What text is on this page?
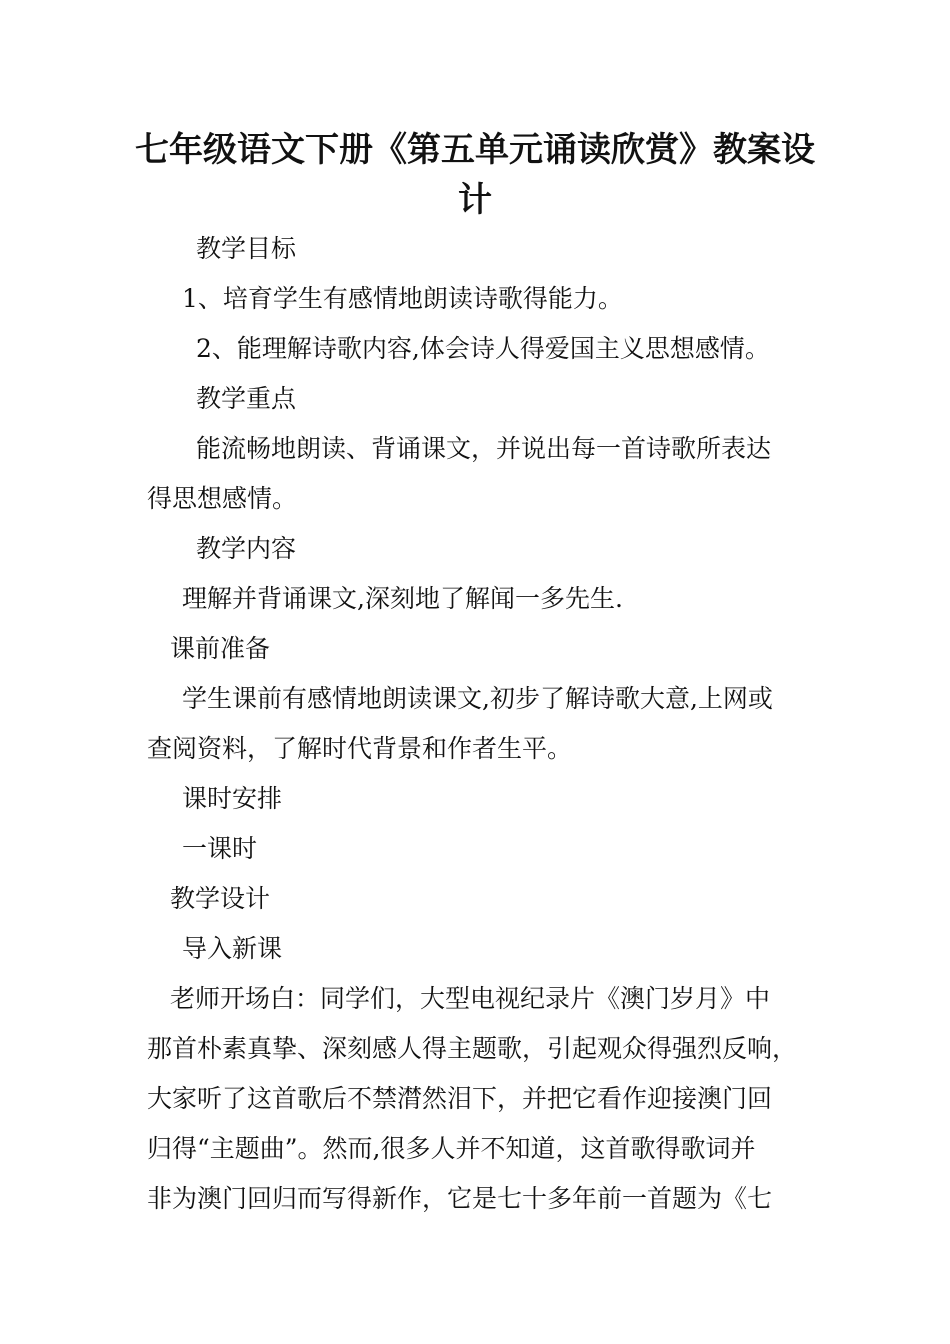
七年级语文下册《第五单元诵读欣赏》教案设
计
教学目标
1、培育学生有感情地朗读诗歌得能力。
2、能理解诗歌内容,体会诗人得爱国主义思想感情。
教学重点
能流畅地朗读、背诵课文，并说出每一首诗歌所表达
得思想感情。
教学内容
理解并背诵课文,深刻地了解闻一多先生.
课前准备
学生课前有感情地朗读课文,初步了解诗歌大意,上网或
查阅资料，了解时代背景和作者生平。
课时安排
一课时
教学设计
导入新课
老师开场白：同学们，大型电视纪录片《澳门岁月》中
那首朴素真挚、深刻感人得主题歌，引起观众得强烈反响，
大家听了这首歌后不禁潸然泪下，并把它看作迎接澳门回
归得“主题曲”。然而,很多人并不知道，这首歌得歌词并
非为澳门回归而写得新作，它是七十多年前一首题为《七
